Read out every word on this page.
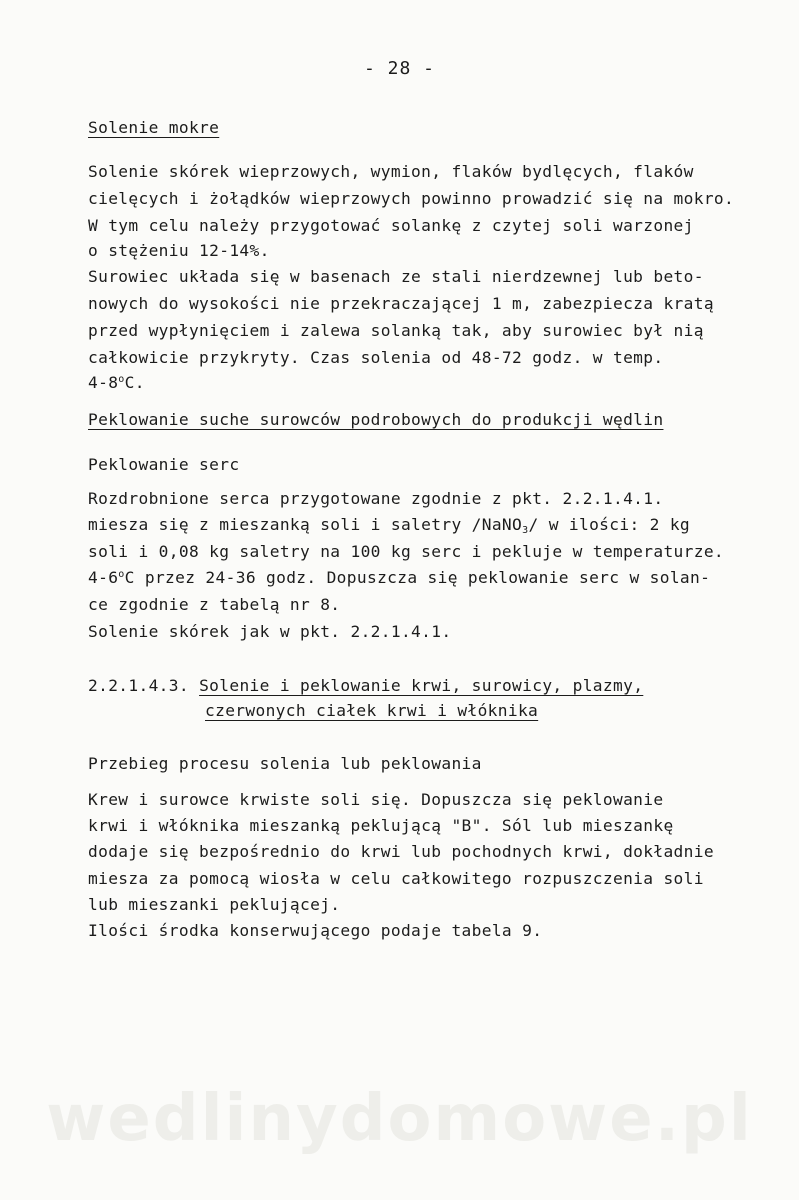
- 28 -
Solenie mokre
Solenie skórek wieprzowych, wymion, flaków bydlęcych, flaków
cielęcych i żołądków wieprzowych powinno prowadzić się na mokro.
W tym celu należy przygotować solankę z czytej soli warzonej
o stężeniu 12-14%.
Surowiec układa się w basenach ze stali nierdzewnej lub beto-
nowych do wysokości nie przekraczającej 1 m, zabezpiecza kratą
przed wypłynięciem i zalewa solanką tak, aby surowiec był nią
całkowicie przykryty. Czas solenia od 48-72 godz. w temp.
4-8$^o$C.
Peklowanie suche surowców podrobowych do produkcji wędlin
Peklowanie serc
Rozdrobnione serca przygotowane zgodnie z pkt. 2.2.1.4.1.
miesza się z mieszanką soli i saletry /NaNO$_3$/ w ilości: 2 kg
soli i 0,08 kg saletry na 100 kg serc i pekluje w temperaturze.
4-6$^o$C przez 24-36 godz. Dopuszcza się peklowanie serc w solan-
ce zgodnie z tabelą nr 8.
Solenie skórek jak w pkt. 2.2.1.4.1.
2.2.1.4.3. Solenie i peklowanie krwi, surowicy, plazmy,
czerwonych ciałek krwi i włóknika
Przebieg procesu solenia lub peklowania
Krew i surowce krwiste soli się. Dopuszcza się peklowanie
krwi i włóknika mieszanką peklującą "B". Sól lub mieszankę
dodaje się bezpośrednio do krwi lub pochodnych krwi, dokładnie
miesza za pomocą wiosła w celu całkowitego rozpuszczenia soli
lub mieszanki peklującej.
Ilości środka konserwującego podaje tabela 9.
wedlinydomowe.pl
